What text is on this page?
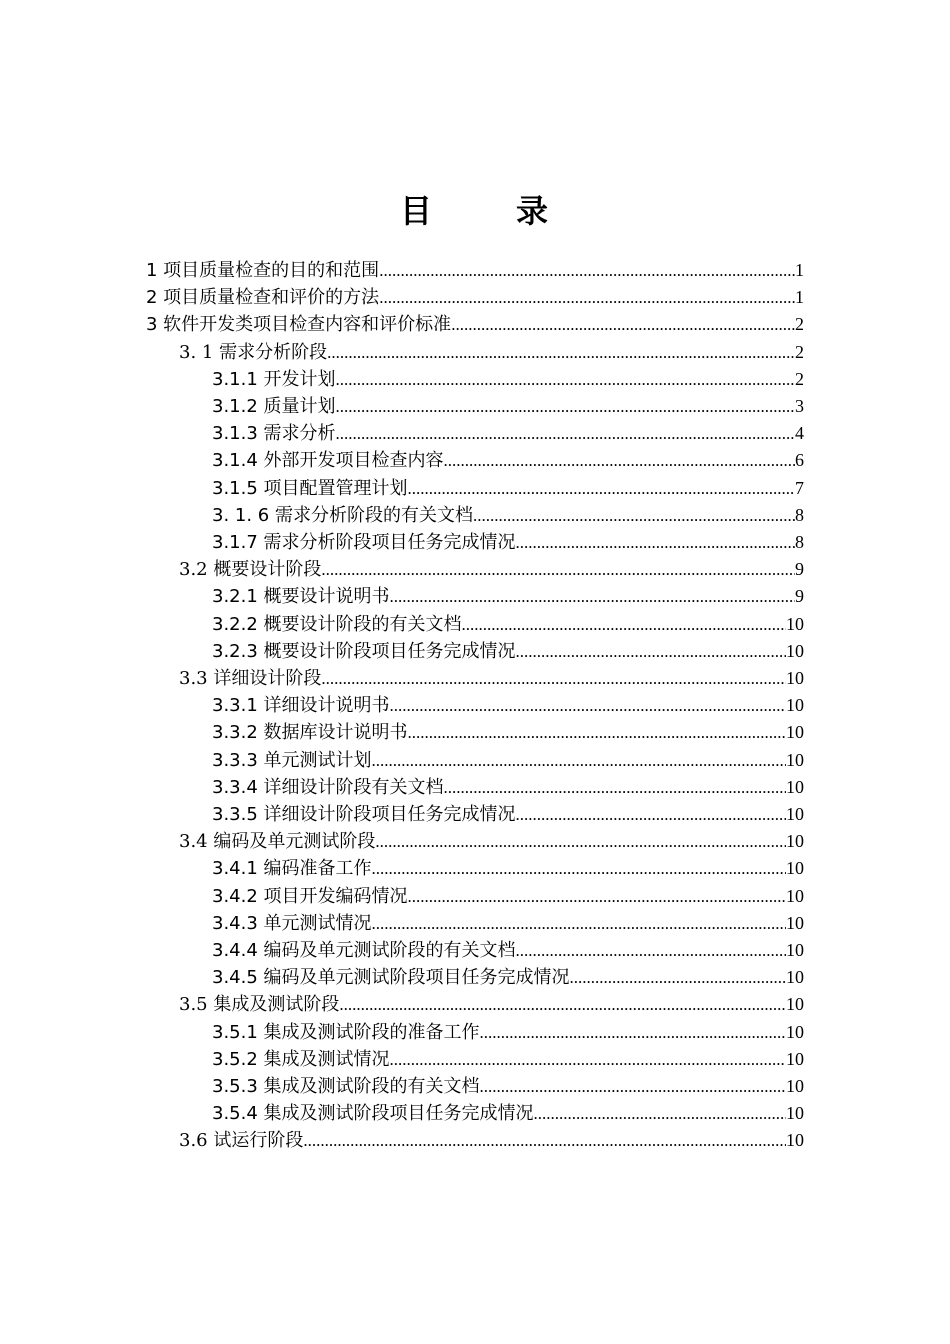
目	录
1 项目质量检查的目的和范围 .....	1
2 项目质量检查和评价的方法 .....	1
3 软件开发类项目检查内容和评价标准 .....	2
3. 1 需求分析阶段 .....	2
3.1.1 开发计划 .....	2
3.1.2 质量计划 .....	3
3.1.3 需求分析 .....	4
3.1.4 外部开发项目检查内容 .....	6
3.1.5 项目配置管理计划 .....	7
3. 1. 6 需求分析阶段的有关文档 .....	8
3.1.7 需求分析阶段项目任务完成情况 .....	8
3.2 概要设计阶段 .....	9
3.2.1 概要设计说明书 .....	9
3.2.2 概要设计阶段的有关文档 .....	10
3.2.3 概要设计阶段项目任务完成情况 .....	10
3.3 详细设计阶段 .....	10
3.3.1 详细设计说明书 .....	10
3.3.2 数据库设计说明书 .....	10
3.3.3 单元测试计划 .....	10
3.3.4 详细设计阶段有关文档 .....	10
3.3.5 详细设计阶段项目任务完成情况 .....	10
3.4 编码及单元测试阶段 .....	10
3.4.1 编码准备工作 .....	10
3.4.2 项目开发编码情况 .....	10
3.4.3 单元测试情况 .....	10
3.4.4 编码及单元测试阶段的有关文档 .....	10
3.4.5 编码及单元测试阶段项目任务完成情况 .....	10
3.5 集成及测试阶段 .....	10
3.5.1 集成及测试阶段的准备工作 .....	10
3.5.2 集成及测试情况 .....	10
3.5.3 集成及测试阶段的有关文档 .....	10
3.5.4 集成及测试阶段项目任务完成情况 .....	10
3.6 试运行阶段 .....	10
